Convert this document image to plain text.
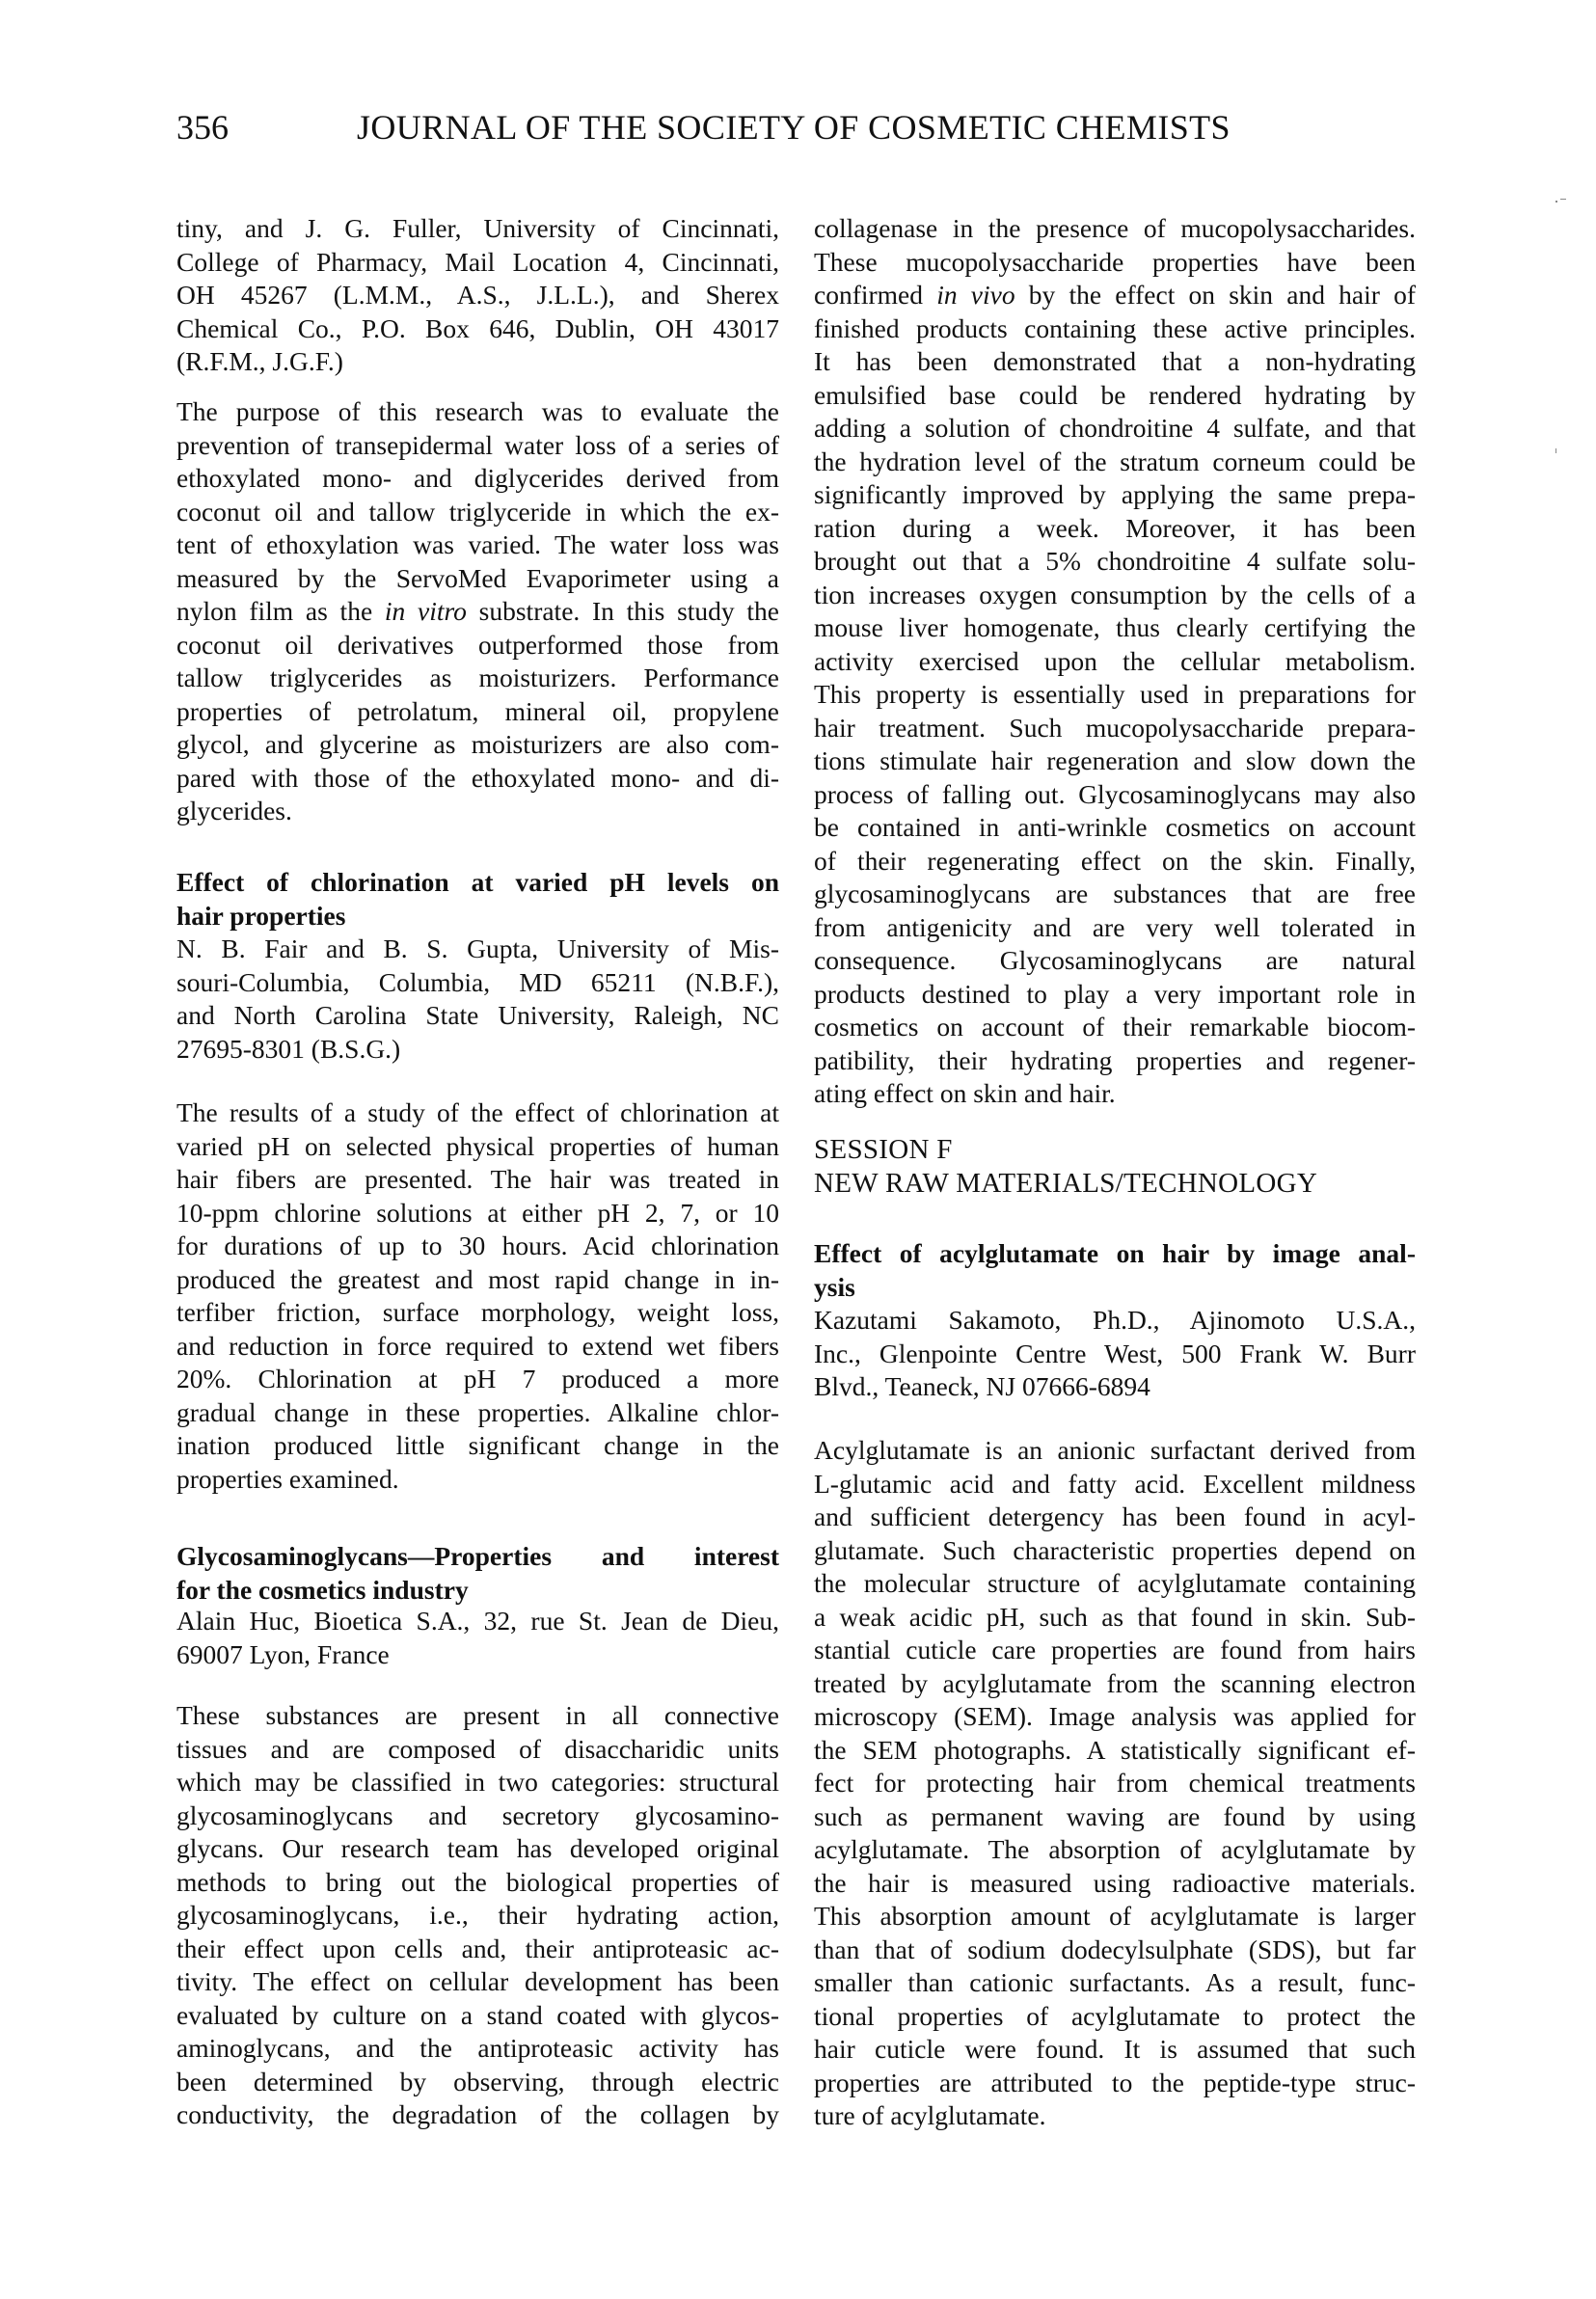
356	JOURNAL OF THE SOCIETY OF COSMETIC CHEMISTS
tiny, and J. G. Fuller, University of Cincinnati,
College of Pharmacy, Mail Location 4, Cincinnati,
OH 45267 (L.M.M., A.S., J.L.L.), and Sherex
Chemical Co., P.O. Box 646, Dublin, OH 43017
(R.F.M., J.G.F.)
The purpose of this research was to evaluate the
prevention of transepidermal water loss of a series of
ethoxylated mono- and diglycerides derived from
coconut oil and tallow triglyceride in which the ex-
tent of ethoxylation was varied. The water loss was
measured by the ServoMed Evaporimeter using a
nylon film as the in vitro substrate. In this study the
coconut oil derivatives outperformed those from
tallow triglycerides as moisturizers. Performance
properties of petrolatum, mineral oil, propylene
glycol, and glycerine as moisturizers are also com-
pared with those of the ethoxylated mono- and di-
glycerides.
Effect of chlorination at varied pH levels on
hair properties
N. B. Fair and B. S. Gupta, University of Mis-
souri-Columbia, Columbia, MD 65211 (N.B.F.),
and North Carolina State University, Raleigh, NC
27695-8301 (B.S.G.)
The results of a study of the effect of chlorination at
varied pH on selected physical properties of human
hair fibers are presented. The hair was treated in
10-ppm chlorine solutions at either pH 2, 7, or 10
for durations of up to 30 hours. Acid chlorination
produced the greatest and most rapid change in in-
terfiber friction, surface morphology, weight loss,
and reduction in force required to extend wet fibers
20%. Chlorination at pH 7 produced a more
gradual change in these properties. Alkaline chlor-
ination produced little significant change in the
properties examined.
Glycosaminoglycans—Properties and interest
for the cosmetics industry
Alain Huc, Bioetica S.A., 32, rue St. Jean de Dieu,
69007 Lyon, France
These substances are present in all connective
tissues and are composed of disaccharidic units
which may be classified in two categories: structural
glycosaminoglycans and secretory glycosamino-
glycans. Our research team has developed original
methods to bring out the biological properties of
glycosaminoglycans, i.e., their hydrating action,
their effect upon cells and, their antiproteasic ac-
tivity. The effect on cellular development has been
evaluated by culture on a stand coated with glycos-
aminoglycans, and the antiproteasic activity has
been determined by observing, through electric
conductivity, the degradation of the collagen by
collagenase in the presence of mucopolysaccharides.
These mucopolysaccharide properties have been
confirmed in vivo by the effect on skin and hair of
finished products containing these active principles.
It has been demonstrated that a non-hydrating
emulsified base could be rendered hydrating by
adding a solution of chondroitine 4 sulfate, and that
the hydration level of the stratum corneum could be
significantly improved by applying the same prepa-
ration during a week. Moreover, it has been
brought out that a 5% chondroitine 4 sulfate solu-
tion increases oxygen consumption by the cells of a
mouse liver homogenate, thus clearly certifying the
activity exercised upon the cellular metabolism.
This property is essentially used in preparations for
hair treatment. Such mucopolysaccharide prepara-
tions stimulate hair regeneration and slow down the
process of falling out. Glycosaminoglycans may also
be contained in anti-wrinkle cosmetics on account
of their regenerating effect on the skin. Finally,
glycosaminoglycans are substances that are free
from antigenicity and are very well tolerated in
consequence. Glycosaminoglycans are natural
products destined to play a very important role in
cosmetics on account of their remarkable biocom-
patibility, their hydrating properties and regener-
ating effect on skin and hair.
SESSION F
NEW RAW MATERIALS/TECHNOLOGY
Effect of acylglutamate on hair by image anal-
ysis
Kazutami Sakamoto, Ph.D., Ajinomoto U.S.A.,
Inc., Glenpointe Centre West, 500 Frank W. Burr
Blvd., Teaneck, NJ 07666-6894
Acylglutamate is an anionic surfactant derived from
L-glutamic acid and fatty acid. Excellent mildness
and sufficient detergency has been found in acyl-
glutamate. Such characteristic properties depend on
the molecular structure of acylglutamate containing
a weak acidic pH, such as that found in skin. Sub-
stantial cuticle care properties are found from hairs
treated by acylglutamate from the scanning electron
microscopy (SEM). Image analysis was applied for
the SEM photographs. A statistically significant ef-
fect for protecting hair from chemical treatments
such as permanent waving are found by using
acylglutamate. The absorption of acylglutamate by
the hair is measured using radioactive materials.
This absorption amount of acylglutamate is larger
than that of sodium dodecylsulphate (SDS), but far
smaller than cationic surfactants. As a result, func-
tional properties of acylglutamate to protect the
hair cuticle were found. It is assumed that such
properties are attributed to the peptide-type struc-
ture of acylglutamate.
